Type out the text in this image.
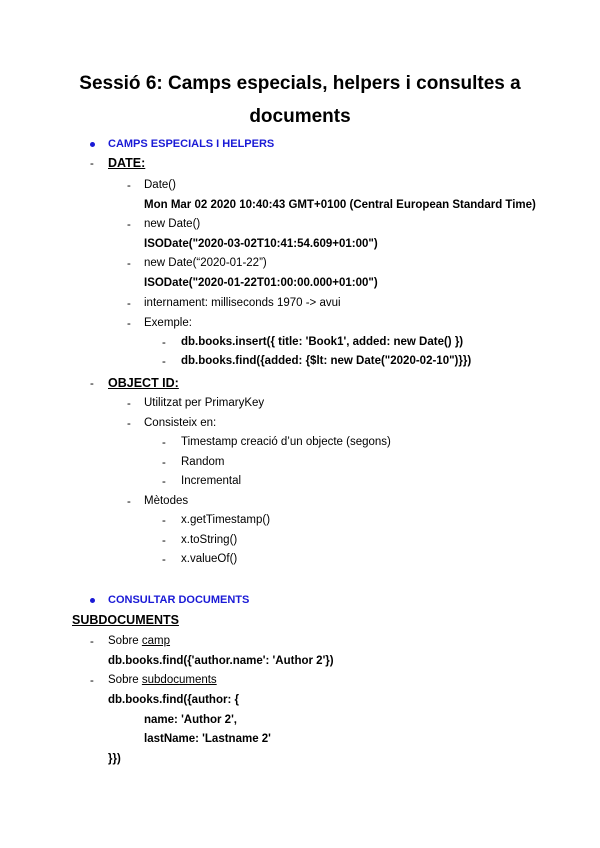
Sessió 6: Camps especials, helpers i consultes a
documents
CAMPS ESPECIALS I HELPERS
- DATE:
- Date()
Mon Mar 02 2020 10:40:43 GMT+0100 (Central European Standard Time)
- new Date()
ISODate("2020-03-02T10:41:54.609+01:00")
- new Date(“2020-01-22”)
ISODate("2020-01-22T01:00:00.000+01:00")
- internament: milliseconds 1970 -> avui
- Exemple:
- db.books.insert({ title: 'Book1', added: new Date() })
- db.books.find({added: {$lt: new Date("2020-02-10")}})
- OBJECT ID:
- Utilitzat per PrimaryKey
- Consisteix en:
- Timestamp creació d’un objecte (segons)
- Random
- Incremental
- Mètodes
- x.getTimestamp()
- x.toString()
- x.valueOf()
CONSULTAR DOCUMENTS
SUBDOCUMENTS
- Sobre camp
db.books.find({'author.name': 'Author 2'})
- Sobre subdocuments
db.books.find({author: {
name: 'Author 2',
lastName: 'Lastname 2'
}})
